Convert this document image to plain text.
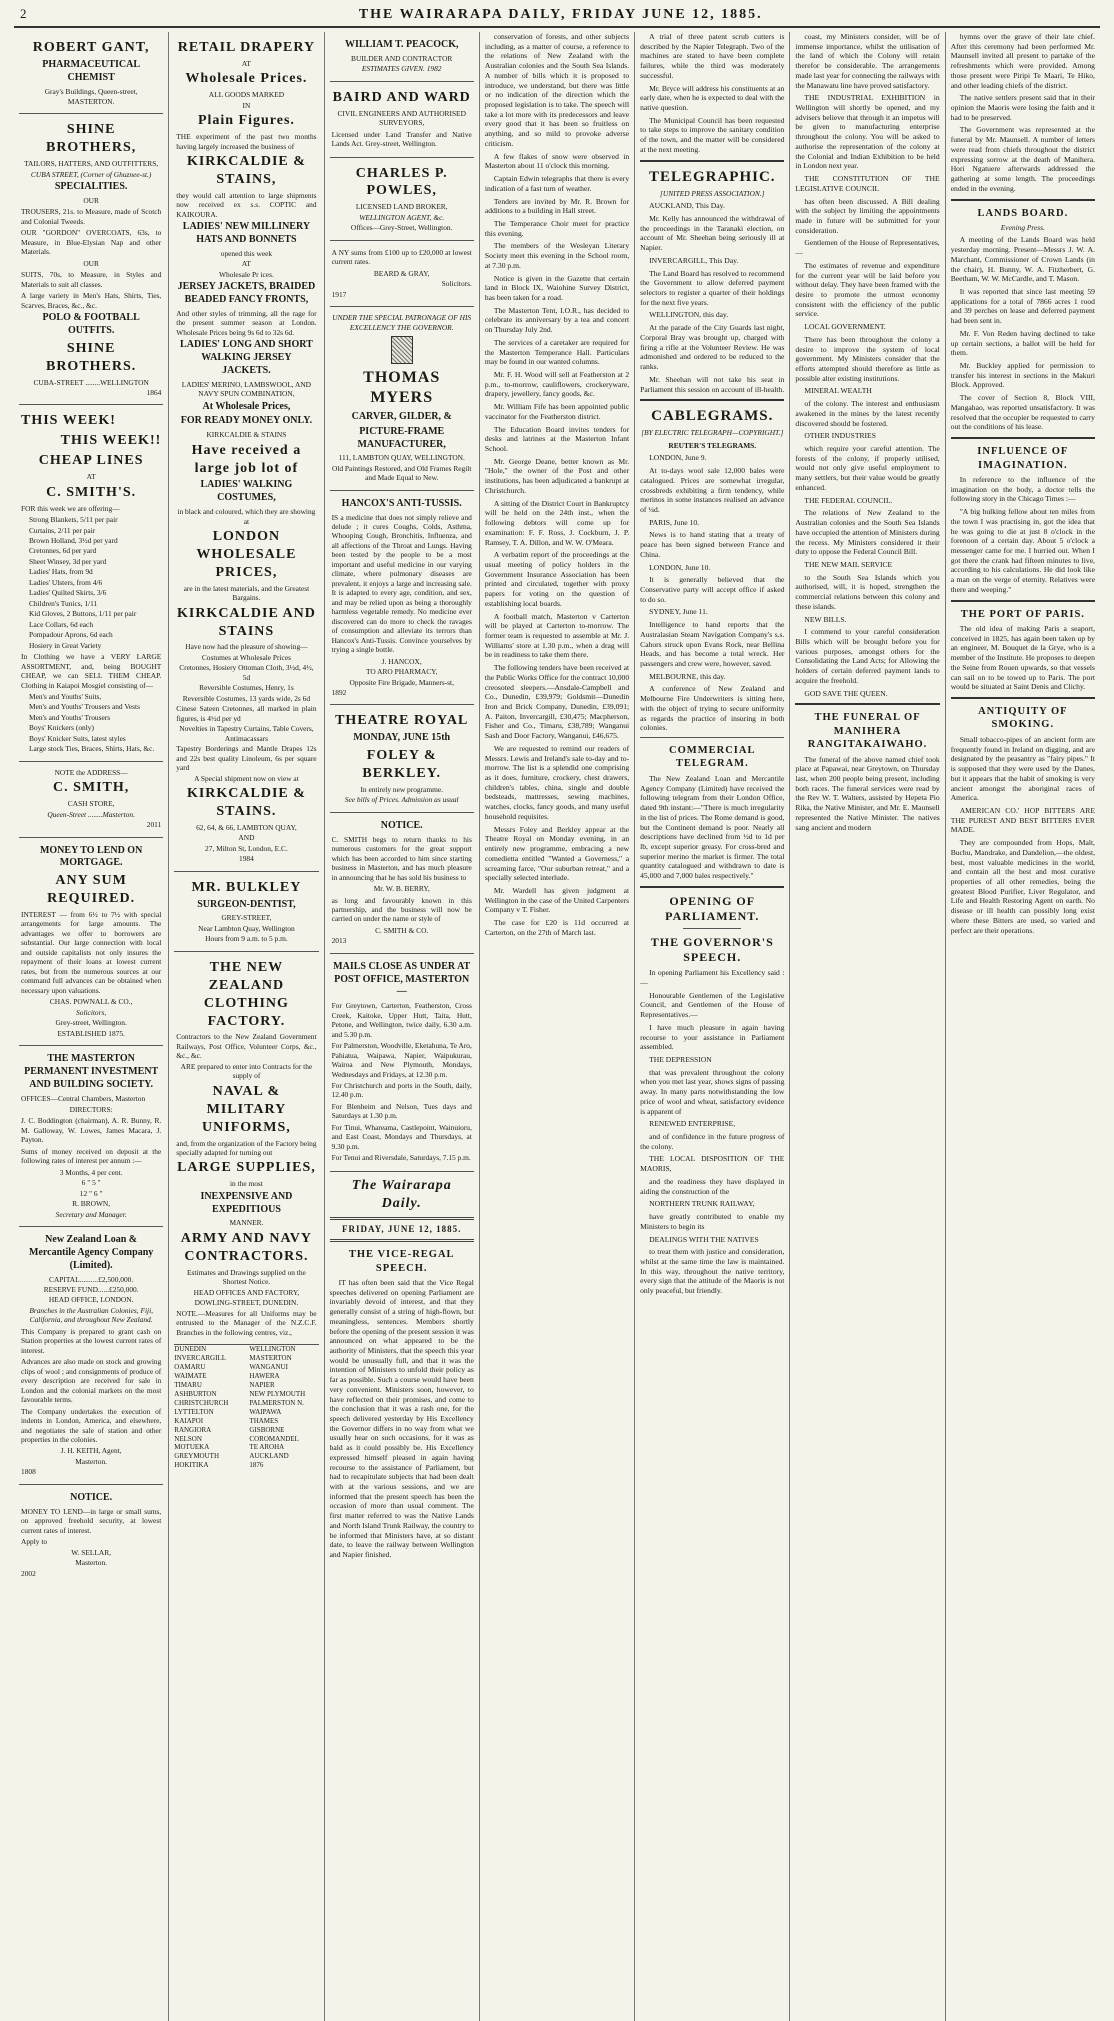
2	THE WAIRARAPA DAILY, FRIDAY JUNE 12, 1885.
ROBERT GANT,
PHARMACEUTICAL CHEMIST
Gray's Buildings, Queen-street,
MASTERTON.
SHINE BROTHERS,
TAILORS, HATTERS, AND OUTFITTERS,
CUBA STREET, (Corner of Ghuznee-st.)
SPECIALITIES.
OUR

TROUSERS, 21s. to Measure, made of Scotch and Colonial Tweeds.

OUR "GORDON" OVERCOATS, 63s, to Measure, in Blue-Elysian Nap and other Materials.

OUR

SUITS, 70s, to Measure, in Styles and Materials to suit all classes.

A large variety in Men's Hats, Shirts, Ties, Scarves, Braces, &c., &c.

POLO & FOOTBALL OUTFITS.
SHINE BROTHERS.
CUBA-STREET ........WELLINGTON
1864
THIS WEEK!
THIS WEEK!!
CHEAP LINES
AT
C. SMITH'S.

FOR this week we are offering—

Strong Blankets, 5/11 per pair
Curtains, 2/11 per pair
Brown Holland, 3½d per yard
Cretonnes, 6d per yard
Sheet Winsey, 3d per yard
Ladies' Hats, from 9d
Ladies' Ulsters, from 4/6
Ladies' Quilted Skirts, 3/6
Children's Tunics, 1/11
Kid Gloves, 2 Buttons, 1/11 per pair
Lace Collars, 6d each
Pompadour Aprons, 6d each
Hosiery in Great Variety

In Clothing we have a VERY LARGE ASSORTMENT, and, being BOUGHT CHEAP, we can SELL THEM CHEAP. Clothing in Kaiapoi Mosgiel consisting of—

Men's and Youths' Suits,
Men's and Youths' Trousers and Vests
Men's and Youths' Trousers
Boys' Knickers (only)
Boys' Knicker Suits, latest styles
Large stock Ties, Braces, Shirts, Hats, &c.
NOTE the ADDRESS—
C. SMITH,
CASH STORE,
Queen-Street ........Masterton.
2011
MONEY TO LEND ON MORTGAGE.
ANY SUM REQUIRED.

INTEREST — from 6½ to 7½ with special arrangements for large amounts. The advantages we offer to borrowers are substantial. Our large connection with local and outside capitalists not only insures the repayment of their loans at lowest current rates, but from the numerous sources at our command full advances can be obtained when necessary upon valuations.

CHAS. POWNALL & CO.,
Solicitors,
Grey-street, Wellington.
ESTABLISHED 1875.
THE MASTERTON PERMANENT INVESTMENT AND BUILDING SOCIETY.

OFFICES—Central Chambers, Masterton

DIRECTORS:

J. C. Boddington (chairman), A. R. Bunny, R. M. Galloway, W. Lowes, James Macara, J. Payton.

Sums of money received on deposit at the following rates of interest per annum :—

3 Months, 4 per cent.
6 " 5 "
12 " 6 "
R. BROWN,
Secretary and Manager.
New Zealand Loan & Mercantile Agency Company (Limited).
CAPITAL..........£2,500,000.
RESERVE FUND......£250,000.
HEAD OFFICE, LONDON.
Branches in the Australian Colonies, Fiji, California, and throughout New Zealand.

This Company is prepared to grant cash on Station properties at the lowest current rates of interest.

Advances are also made on stock and growing clips of wool ; and consignments of produce of every description are received for sale in London and the colonial markets on the most favourable terms.

The Company undertakes the execution of indents in London, America, and elsewhere, and negotiates the sale of station and other properties in the colonies.

J. H. KEITH, Agent,
Masterton.
1808
NOTICE.

MONEY TO LEND—in large or small sums, on approved freehold security, at lowest current rates of interest.

Apply to
W. SELLAR,
Masterton.
2002
RETAIL DRAPERY
AT
Wholesale Prices.
ALL GOODS MARKED
IN
Plain Figures.

THE experiment of the past two months having largely increased the business of

KIRKCALDIE & STAINS,

they would call attention to large shipments now received ex s.s. COPTIC and KAIKOURA.

LADIES' NEW MILLINERY HATS AND BONNETS
opened this week
AT
Wholesale Pr ices.
JERSEY JACKETS, BRAIDED BEADED FANCY FRONTS,

And other styles of trimming, all the rage for the present summer season at London. Wholesale Prices being 9s 6d to 32s 6d.

LADIES' LONG AND SHORT WALKING JERSEY JACKETS.
LADIES' MERINO, LAMBSWOOL, AND NAVY SPUN COMBINATION,
At Wholesale Prices,
FOR READY MONEY ONLY.
KIRKCALDIE & STAINS
Have received a large job lot of
LADIES' WALKING COSTUMES,
in black and coloured, which they are showing at
LONDON WHOLESALE PRICES,
are in the latest materials, and the Greatest Bargains.
KIRKCALDIE AND STAINS
Have now had the pleasure of showing—
Costumes at Wholesale Prices
Cretonnes, Hosiery Ottoman Cloth, 3½d, 4½, 5d
Reversible Costumes, Henry, 1s
Reversible Costumes, 13 yards wide, 2s 6d

Cinese Sateen Cretonnes, all marked in plain figures, is 4½d per yd

Novelties in Tapestry Curtains, Table Covers, Antimacassars

Tapestry Borderings and Mantle Drapes 12s and 22s best quality Linoleum, 6s per square yard

A Special shipment now on view at
KIRKCALDIE & STAINS.
62, 64, & 66, LAMBTON QUAY,
AND
27, Milton St, London, E.C.
1984
MR. BULKLEY
SURGEON-DENTIST,
GREY-STREET,
Near Lambton Quay, Wellington
Hours from 9 a.m. to 5 p.m.
THE NEW ZEALAND CLOTHING FACTORY.

Contractors to the New Zealand Government Railways, Post Office, Volunteer Corps, &c., &c., &c.

ARE prepared to enter into Contracts for the supply of
NAVAL & MILITARY UNIFORMS,

and, from the organization of the Factory being specially adapted for turning out

LARGE SUPPLIES,
in the most
INEXPENSIVE AND EXPEDITIOUS
MANNER.
ARMY AND NAVY CONTRACTORS.
Estimates and Drawings supplied on the Shortest Notice.
HEAD OFFICES AND FACTORY,
DOWLING-STREET, DUNEDIN.

NOTE.—Measures for all Uniforms may be entrusted to the Manager of the N.Z.C.F. Branches in the following centres, viz.,

DUNEDIN
INVERCARGILL
OAMARU
WAIMATE
TIMARU
ASHBURTON
CHRISTCHURCH
LYTTELTON
KAIAPOI
RANGIORA
NELSON
MOTUEKA
GREYMOUTH
HOKITIKA
WELLINGTON
MASTERTON
WANGANUI
HAWERA
NAPIER
NEW PLYMOUTH
PALMERSTON N.
WAIPAWA
THAMES
GISBORNE
COROMANDEL
TE AROHA
AUCKLAND
1876
WILLIAM T. PEACOCK,
BUILDER AND CONTRACTOR
ESTIMATES GIVEN. 1982
BAIRD AND WARD
CIVIL ENGINEERS AND AUTHORISED SURVEYORS,

Licensed under Land Transfer and Native Lands Act. Grey-street, Wellington.

CHARLES P. POWLES,
LICENSED LAND BROKER,
WELLINGTON AGENT, &c.
Offices—Grey-Street, Wellington.

A NY sums from £100 up to £20,000 at lowest current rates.

BEARD & GRAY,
Solicitors.
1917
UNDER THE SPECIAL PATRONAGE OF HIS EXCELLENCY THE GOVERNOR.
THOMAS MYERS
CARVER, GILDER, &
PICTURE-FRAME MANUFACTURER,
111, LAMBTON QUAY, WELLINGTON.
Old Paintings Restored, and Old Frames Regilt and Made Equal to New.
HANCOX'S ANTI-TUSSIS.

IS a medicine that does not simply relieve and delude ; it cures Coughs, Colds, Asthma, Whooping Cough, Bronchitis, Influenza, and all affections of the Throat and Lungs. Having been tested by the people to be a most important and useful medicine in our varying climate, where pulmonary diseases are prevalent, it enjoys a large and increasing sale. It is adapted to every age, condition, and sex, and may be relied upon as being a thoroughly harmless vegetable remedy. No medicine ever discovered can do more to check the ravages of consumption and alleviate its terrors than Hancox's Anti-Tussis. Convince yourselves by trying a single bottle.

J. HANCOX,
TO ARO PHARMACY,
Opposite Fire Brigade, Manners-st,
1892
THEATRE ROYAL
MONDAY, JUNE 15th
FOLEY & BERKLEY.
In entirely new programme.
See bills of Prices. Admission as usual
NOTICE.

C. SMITH begs to return thanks to his numerous customers for the great support which has been accorded to him since starting business in Masterton, and has much pleasure in announcing that he has sold his business to

Mr. W. B. BERRY,

as long and favourably known in this partnership, and the business will now be carried on under the name or style of

C. SMITH & CO.
2013
MAILS CLOSE AS UNDER AT POST OFFICE, MASTERTON—

For Greytown, Carterton, Featherston, Cross Creek, Kaitoke, Upper Hutt, Taita, Hutt, Petone, and Wellington, twice daily, 6.30 a.m. and 5.30 p.m.

For Palmerston, Woodville, Eketahuna, Te Aro, Pahiatua, Waipawa, Napier, Waipukurau, Wairoa and New Plymouth, Mondays, Wednesdays and Fridays, at 12.30 p.m.

For Christchurch and ports in the South, daily, 12.40 p.m.

For Blenheim and Nelson, Tues days and Saturdays at 1.30 p.m.

For Tinui, Whareama, Castlepoint, Wainuioru, and East Coast, Mondays and Thursdays, at 9.30 p.m.

For Tenui and Riversdale, Saturdays, 7.15 p.m.

The Wairarapa Daily.
FRIDAY, JUNE 12, 1885.
THE VICE-REGAL SPEECH.

IT has often been said that the Vice Regal speeches delivered on opening Parliament are invariably devoid of interest, and that they generally consist of a string of high-flown, but meaningless, sentences. Members shortly before the opening of the present session it was announced on what appeared to be the authority of Ministers, that the speech this year would be unusually full, and that it was the intention of Ministers to unfold their policy as far as possible. Such a course would have been very convenient. Ministers soon, however, to have reflected on their promises, and come to the conclusion that it was a rash one, for the speech delivered yesterday by His Excellency the Governor differs in no way from what we usually hear on such occasions, for it was as bald as it could possibly be. His Excellency expressed himself pleased in again having recourse to the assistance of Parliament, but had to recapitulate subjects that had been dealt with at the various sessions, and we are informed that the present speech has been the occasion of more than usual comment. The first matter referred to was the Native Lands and North Island Trunk Railway, the country to be informed that Ministers have, at so distant date, to leave the railway between Wellington and Napier finished.

conservation of forests, and other subjects including, as a matter of course, a reference to the relations of New Zealand with the Australian colonies and the South Sea Islands. A number of bills which it is proposed to introduce, we understand, but there was little or no indication of the direction which the proposed legislation is to take. The speech will take a lot more with its predecessors and leave every good that it has been so fruitless on anything, and so mild to provoke adverse criticism.

A few flakes of snow were observed in Masterton about 11 o'clock this morning.

Captain Edwin telegraphs that there is every indication of a fast turn of weather.

Tenders are invited by Mr. R. Brown for additions to a building in Hall street.

The Temperance Choir meet for practice this evening.

The members of the Wesleyan Literary Society meet this evening in the School room, at 7.30 p.m.

Notice is given in the Gazette that certain land in Block IX, Waiohine Survey District, has been taken for a road.

The Masterton Tent, I.O.R., has decided to celebrate its anniversary by a tea and concert on Thursday July 2nd.

The services of a caretaker are required for the Masterton Temperance Hall. Particulars may be found in our wanted columns.

Mr. F. H. Wood will sell at Featherston at 2 p.m., to-morrow, cauliflowers, crockeryware, drapery, jewellery, fancy goods, &c.

Mr. William Fife has been appointed public vaccinator for the Featherston district.

The Education Board invites tenders for desks and latrines at the Masterton Infant School.

Mr. George Deane, better known as Mr. "Hole," the owner of the Post and other institutions, has been adjudicated a bankrupt at Christchurch.

A sitting of the District Court in Bankruptcy will be held on the 24th inst., when the following debtors will come up for examination: F. F. Ross, J. Cockburn, J. P. Ramsey, T. A. Dillon, and W. W. O'Meara.

A verbatim report of the proceedings at the usual meeting of policy holders in the Government Insurance Association has been printed and circulated, together with proxy papers for voting on the question of establishing local boards.

A football match, Masterton v Carterton will be played at Carterton to-morrow. The former team is requested to assemble at Mr. J. Williams' store at 1.30 p.m., when a drag will be in readiness to take them there.

The following tenders have been received at the Public Works Office for the contract 10,000 creosoted sleepers.—Ansdale-Campbell and Co., Dunedin, £39,979; Goldsmit—Dunedin Iron and Brick Company, Dunedin, £39,091; A. Paiton, Invercargill, £30,475; Macpherson, Fisher and Co., Timaru, £38,789; Wanganui Sash and Door Factory, Wanganui, £46,675.

We are requested to remind our readers of Messrs. Lewis and Ireland's sale to-day and to-morrow. The list is a splendid one comprising as it does, furniture, crockery, chest drawers, children's tables, china, single and double bedsteads, mattresses, sewing machines, watches, clocks, fancy goods, and many useful household requisites.

Messrs Foley and Berkley appear at the Theatre Royal on Monday evening, in an entirely new programme, embracing a new comedietta entitled "Wanted a Governess," a screaming farce, "Our suburban retreat," and a specially selected interlude.

Mr. Wardell has given judgment at Wellington in the case of the United Carpenters Company v T. Fisher.

The case for £20 is 11d occurred at Carterton, on the 27th of March last.

A trial of three patent scrub cutters is described by the Napier Telegraph. Two of the machines are stated to have been complete failures, while the third was moderately successful.

Mr. Bryce will address his constituents at an early date, when he is expected to deal with the native question.

The Municipal Council has been requested to take steps to improve the sanitary condition of the town, and the matter will be considered at the next meeting.

TELEGRAPHIC.
[UNITED PRESS ASSOCIATION.]

AUCKLAND, This Day.

Mr. Kelly has announced the withdrawal of the proceedings in the Taranaki election, on account of Mr. Sheehan being seriously ill at Napier.

INVERCARGILL, This Day.

The Land Board has resolved to recommend the Government to allow deferred payment selectors to register a quarter of their holdings for the next five years.

WELLINGTON, this day.

At the parade of the City Guards last night, Corporal Bray was brought up, charged with firing a rifle at the Volunteer Review. He was admonished and ordered to be reduced to the ranks.

Mr. Sheehan will not take his seat in Parliament this session on account of ill-health.

CABLEGRAMS.
[BY ELECTRIC TELEGRAPH—COPYRIGHT.]
REUTER'S TELEGRAMS.

LONDON, June 9.

At to-days wool sale 12,000 bales were catalogued. Prices are somewhat irregular, crossbreds exhibiting a firm tendency, while merinos in some instances realised an advance of ¼d.

PARIS, June 10.

News is to hand stating that a treaty of peace has been signed between France and China.

LONDON, June 10.

It is generally believed that the Conservative party will accept office if asked to do so.

SYDNEY, June 11.

Intelligence to hand reports that the Australasian Steam Navigation Company's s.s. Cahors struck upon Evans Rock, near Bellina Heads, and has become a total wreck. Her passengers and crew were, however, saved.

MELBOURNE, this day.

A conference of New Zealand and Melbourne Fire Underwriters is sitting here, with the object of trying to secure uniformity as regards the practice of insuring in both colonies.

COMMERCIAL TELEGRAM.

The New Zealand Loan and Mercantile Agency Company (Limited) have received the following telegram from their London Office, dated 9th instant:—"There is much irregularity in the list of prices. The Rome demand is good, but the Continent demand is poor. Nearly all descriptions have declined from ½d to 1d per lb, except superior greasy. For cross-bred and superior merino the market is firmer. The total quantity catalogued and withdrawn to date is 45,000 and 7,000 bales respectively."

OPENING OF PARLIAMENT.
THE GOVERNOR'S SPEECH.

In opening Parliament his Excellency said :—

Honourable Gentlemen of the Legislative Council, and Gentlemen of the House of Representatives.—

I have much pleasure in again having recourse to your assistance in Parliament assembled.

THE DEPRESSION

that was prevalent throughout the colony when you met last year, shows signs of passing away. In many parts notwithstanding the low price of wool and wheat, satisfactory evidence is apparent of

RENEWED ENTERPRISE,

and of confidence in the future progress of the colony.

THE LOCAL DISPOSITION OF THE MAORIS,

and the readiness they have displayed in aiding the construction of the

NORTHERN TRUNK RAILWAY,

have greatly contributed to enable my Ministers to begin its

DEALINGS WITH THE NATIVES

to treat them with justice and consideration, whilst at the same time the law is maintained. In this way, throughout the native territory, every sign that the attitude of the Maoris is not only peaceful, but friendly.

coast, my Ministers consider, will be of immense importance, whilst the utilisation of the land of which the Colony will retain therefor be considerable. The arrangements made last year for connecting the railways with the Manawatu line have proved satisfactory.

THE INDUSTRIAL EXHIBITION in Wellington will shortly be opened, and my advisers believe that through it an impetus will be given to manufacturing enterprise throughout the colony. You will be asked to authorise the representation of the colony at the Colonial and Indian Exhibition to be held in London next year.

THE CONSTITUTION OF THE LEGISLATIVE COUNCIL

has often been discussed. A Bill dealing with the subject by limiting the appointments made in future will be submitted for your consideration.

Gentlemen of the House of Representatives,—

The estimates of revenue and expenditure for the current year will be laid before you without delay. They have been framed with the desire to promote the utmost economy consistent with the efficiency of the public service.

LOCAL GOVERNMENT.

There has been throughout the colony a desire to improve the system of local government. My Ministers consider that the efforts attempted should therefore as little as possible alter existing institutions.

MINERAL WEALTH

of the colony. The interest and enthusiasm awakened in the mines by the latest recently discovered should be fostered.

OTHER INDUSTRIES

which require your careful attention. The forests of the colony, if properly utilised, would not only give useful employment to many settlers, but their value would be greatly enhanced.

THE FEDERAL COUNCIL.

The relations of New Zealand to the Australian colonies and the South Sea Islands have occupied the attention of Ministers during the recess. My Ministers considered it their duty to oppose the Federal Council Bill.

THE NEW MAIL SERVICE

to the South Sea Islands which you authorised, will, it is hoped, strengthen the commercial relations between this colony and these islands.

NEW BILLS.

I commend to your careful consideration Bills which will be brought before you for various purposes, amongst others for the Consolidating the Land Acts; for Allowing the holders of certain deferred payment lands to acquire the freehold.

GOD SAVE THE QUEEN.

THE FUNERAL OF MANIHERA RANGITAKAIWAHO.

The funeral of the above named chief took place at Papawai, near Greytown, on Thursday last, when 200 people being present, including both races. The funeral services were read by the Rev W. T. Walters, assisted by Hepeta Pio Rika, the Native Minister, and Mr. E. Maunsell represented the Native Minister. The natives sang ancient and modern

hymns over the grave of their late chief. After this ceremony had been performed Mr. Maunsell invited all present to partake of the refreshments which were provided. Among those present were Piripi Te Maari, Te Hiko, and other leading chiefs of the district.

The native settlers present said that in their opinion the Maoris were losing the faith and it had to be preserved.

The Government was represented at the funeral by Mr. Maunsell. A number of letters were read from chiefs throughout the district expressing sorrow at the death of Manihera. Hori Ngatuere afterwards addressed the gathering at some length. The proceedings ended in the evening.

LANDS BOARD.
Evening Press.

A meeting of the Lands Board was held yesterday morning. Present—Messrs J. W. A. Marchant, Commissioner of Crown Lands (in the chair), H. Bunny, W. A. Fitzherbert, G. Beetham, W. W. McCardle, and T. Mason.

It was reported that since last meeting 59 applications for a total of 7866 acres 1 rood and 39 perches on lease and deferred payment had been sent in.

Mr. F. Von Reden having declined to take up certain sections, a ballot will be held for them.

Mr. Buckley applied for permission to transfer his interest in sections in the Makuri Block. Approved.

The cover of Section 8, Block VIII, Mangahao, was reported unsatisfactory. It was resolved that the occupier be requested to carry out the conditions of his lease.

INFLUENCE OF IMAGINATION.

In reference to the influence of the imagination on the body, a doctor tells the following story in the Chicago Times :—

"A big hulking fellow about ten miles from the town I was practising in, got the idea that he was going to die at just 8 o'clock in the forenoon of a certain day. About 5 o'clock a messenger came for me. I hurried out. When I got there the crank had fifteen minutes to live, according to his calculations. He did look like a man on the verge of eternity. Relatives were there and weeping."

THE PORT OF PARIS.

The old idea of making Paris a seaport, conceived in 1825, has again been taken up by an engineer, M. Bouquet de la Grye, who is a member of the Institute. He proposes to deepen the Seine from Rouen upwards, so that vessels can sail on to be towed up to Paris. The port would be situated at Saint Denis and Clichy.

ANTIQUITY OF SMOKING.

Small tobacco-pipes of an ancient form are frequently found in Ireland on digging, and are designated by the peasantry as "fairy pipes." It is supposed that they were used by the Danes, but it appears that the habit of smoking is very ancient amongst the aboriginal races of America.

AMERICAN CO.' HOP BITTERS ARE THE PUREST AND BEST BITTERS EVER MADE.

They are compounded from Hops, Malt, Buchu, Mandrake, and Dandelion,—the oldest, best, most valuable medicines in the world, and contain all the best and most curative properties of all other remedies, being the greatest Blood Purifier, Liver Regulator, and Life and Health Restoring Agent on earth. No disease or ill health can possibly long exist where these Bitters are used, so varied and perfect are their operations.
